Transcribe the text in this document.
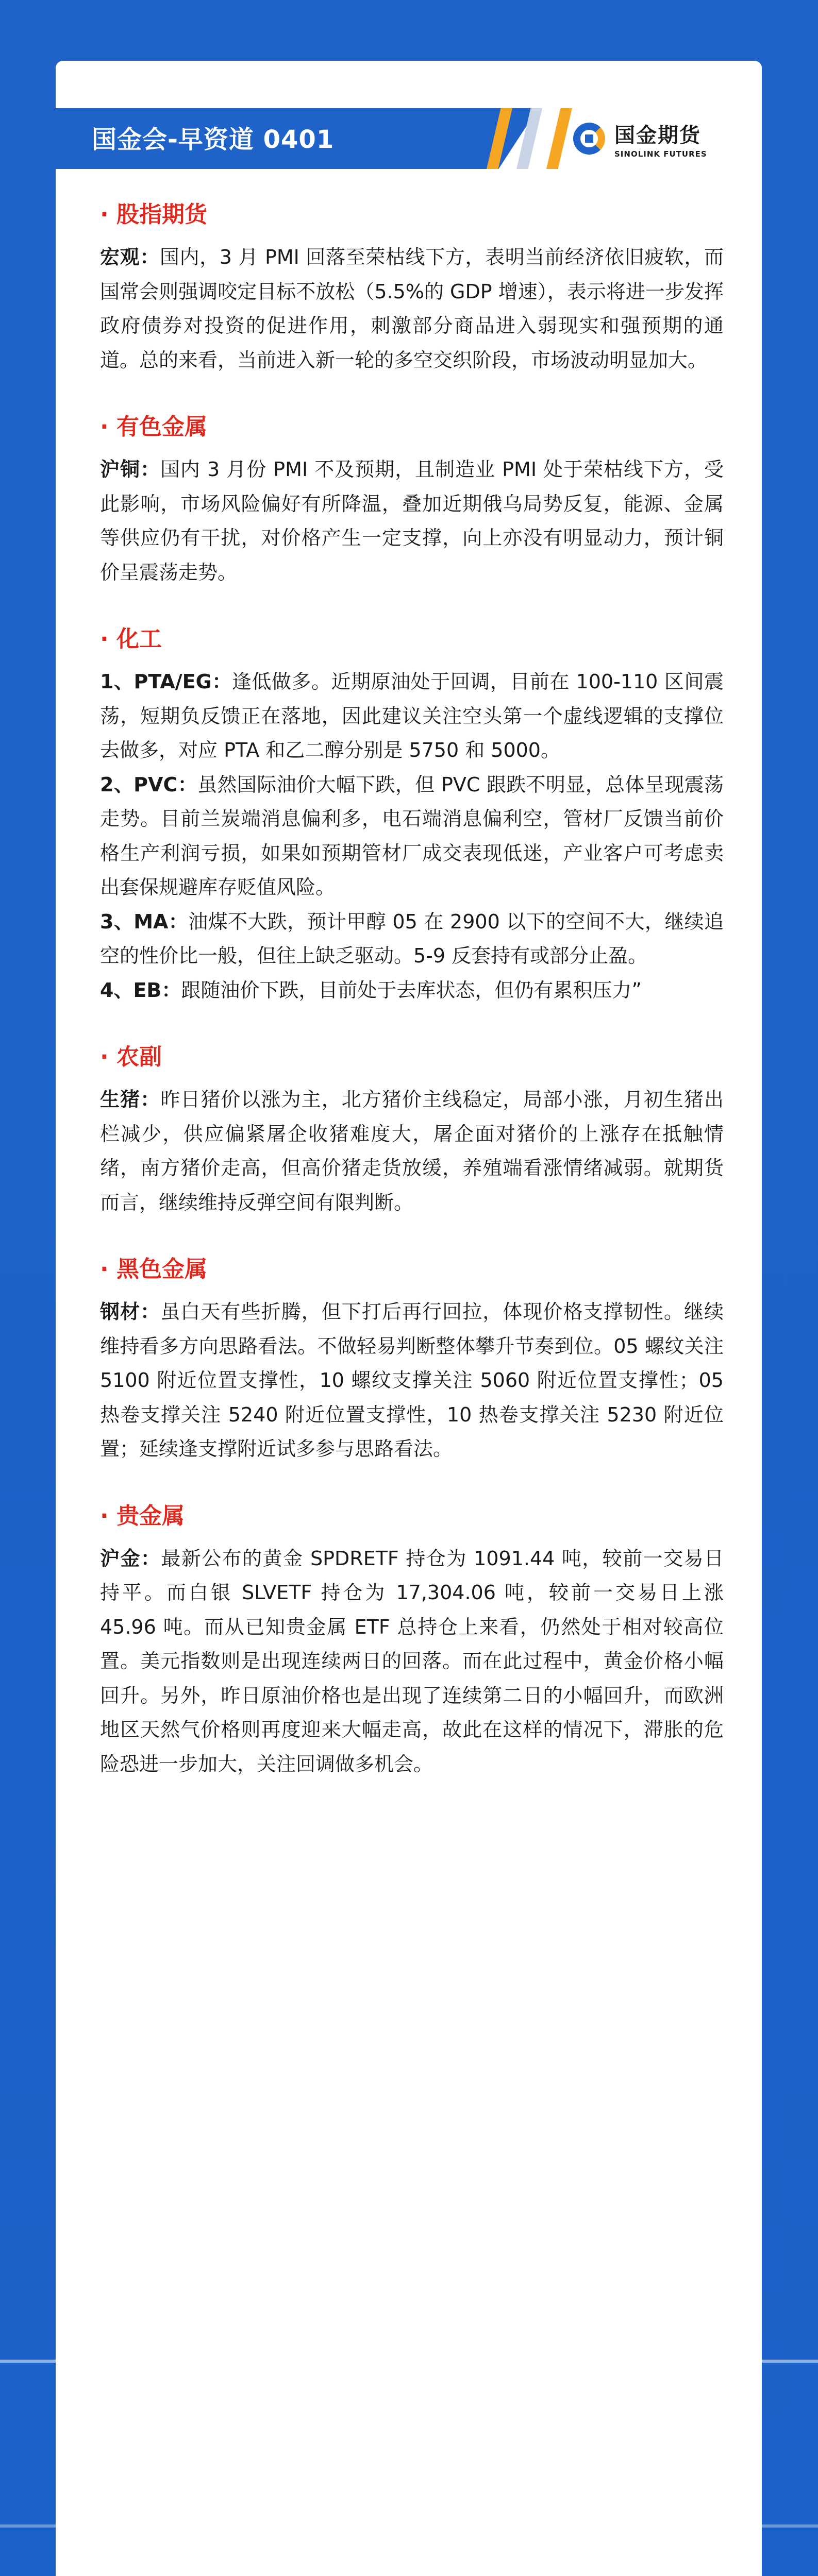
国金会-早资道 0401	国金期货
SINOLINK FUTURES
· 股指期货

宏观：国内，3 月 PMI 回落至荣枯线下方，表明当前经济依旧疲软，而国常会则强调咬定目标不放松（5.5%的 GDP 增速），表示将进一步发挥政府债券对投资的促进作用，刺激部分商品进入弱现实和强预期的通道。总的来看，当前进入新一轮的多空交织阶段，市场波动明显加大。

· 有色金属

沪铜：国内 3 月份 PMI 不及预期，且制造业 PMI 处于荣枯线下方，受此影响，市场风险偏好有所降温，叠加近期俄乌局势反复，能源、金属等供应仍有干扰，对价格产生一定支撑，向上亦没有明显动力，预计铜价呈震荡走势。

· 化工

1、PTA/EG：逢低做多。近期原油处于回调，目前在 100-110 区间震荡，短期负反馈正在落地，因此建议关注空头第一个虚线逻辑的支撑位去做多，对应 PTA 和乙二醇分别是 5750 和 5000。

2、PVC：虽然国际油价大幅下跌，但 PVC 跟跌不明显，总体呈现震荡走势。目前兰炭端消息偏利多，电石端消息偏利空，管材厂反馈当前价格生产利润亏损，如果如预期管材厂成交表现低迷，产业客户可考虑卖出套保规避库存贬值风险。

3、MA：油煤不大跌，预计甲醇 05 在 2900 以下的空间不大，继续追空的性价比一般，但往上缺乏驱动。5-9 反套持有或部分止盈。

4、EB：跟随油价下跌，目前处于去库状态，但仍有累积压力”

· 农副

生猪：昨日猪价以涨为主，北方猪价主线稳定，局部小涨，月初生猪出栏减少，供应偏紧屠企收猪难度大，屠企面对猪价的上涨存在抵触情绪，南方猪价走高，但高价猪走货放缓，养殖端看涨情绪减弱。就期货而言，继续维持反弹空间有限判断。

· 黑色金属

钢材：虽白天有些折腾，但下打后再行回拉，体现价格支撑韧性。继续维持看多方向思路看法。不做轻易判断整体攀升节奏到位。05 螺纹关注 5100 附近位置支撑性，10 螺纹支撑关注 5060 附近位置支撑性；05 热卷支撑关注 5240 附近位置支撑性，10 热卷支撑关注 5230 附近位置；延续逢支撑附近试多参与思路看法。

· 贵金属

沪金：最新公布的黄金 SPDRETF 持仓为 1091.44 吨，较前一交易日持平。而白银 SLVETF 持仓为 17,304.06 吨，较前一交易日上涨 45.96 吨。而从已知贵金属 ETF 总持仓上来看，仍然处于相对较高位置。美元指数则是出现连续两日的回落。而在此过程中，黄金价格小幅回升。另外，昨日原油价格也是出现了连续第二日的小幅回升，而欧洲地区天然气价格则再度迎来大幅走高，故此在这样的情况下，滞胀的危险恐进一步加大，关注回调做多机会。
